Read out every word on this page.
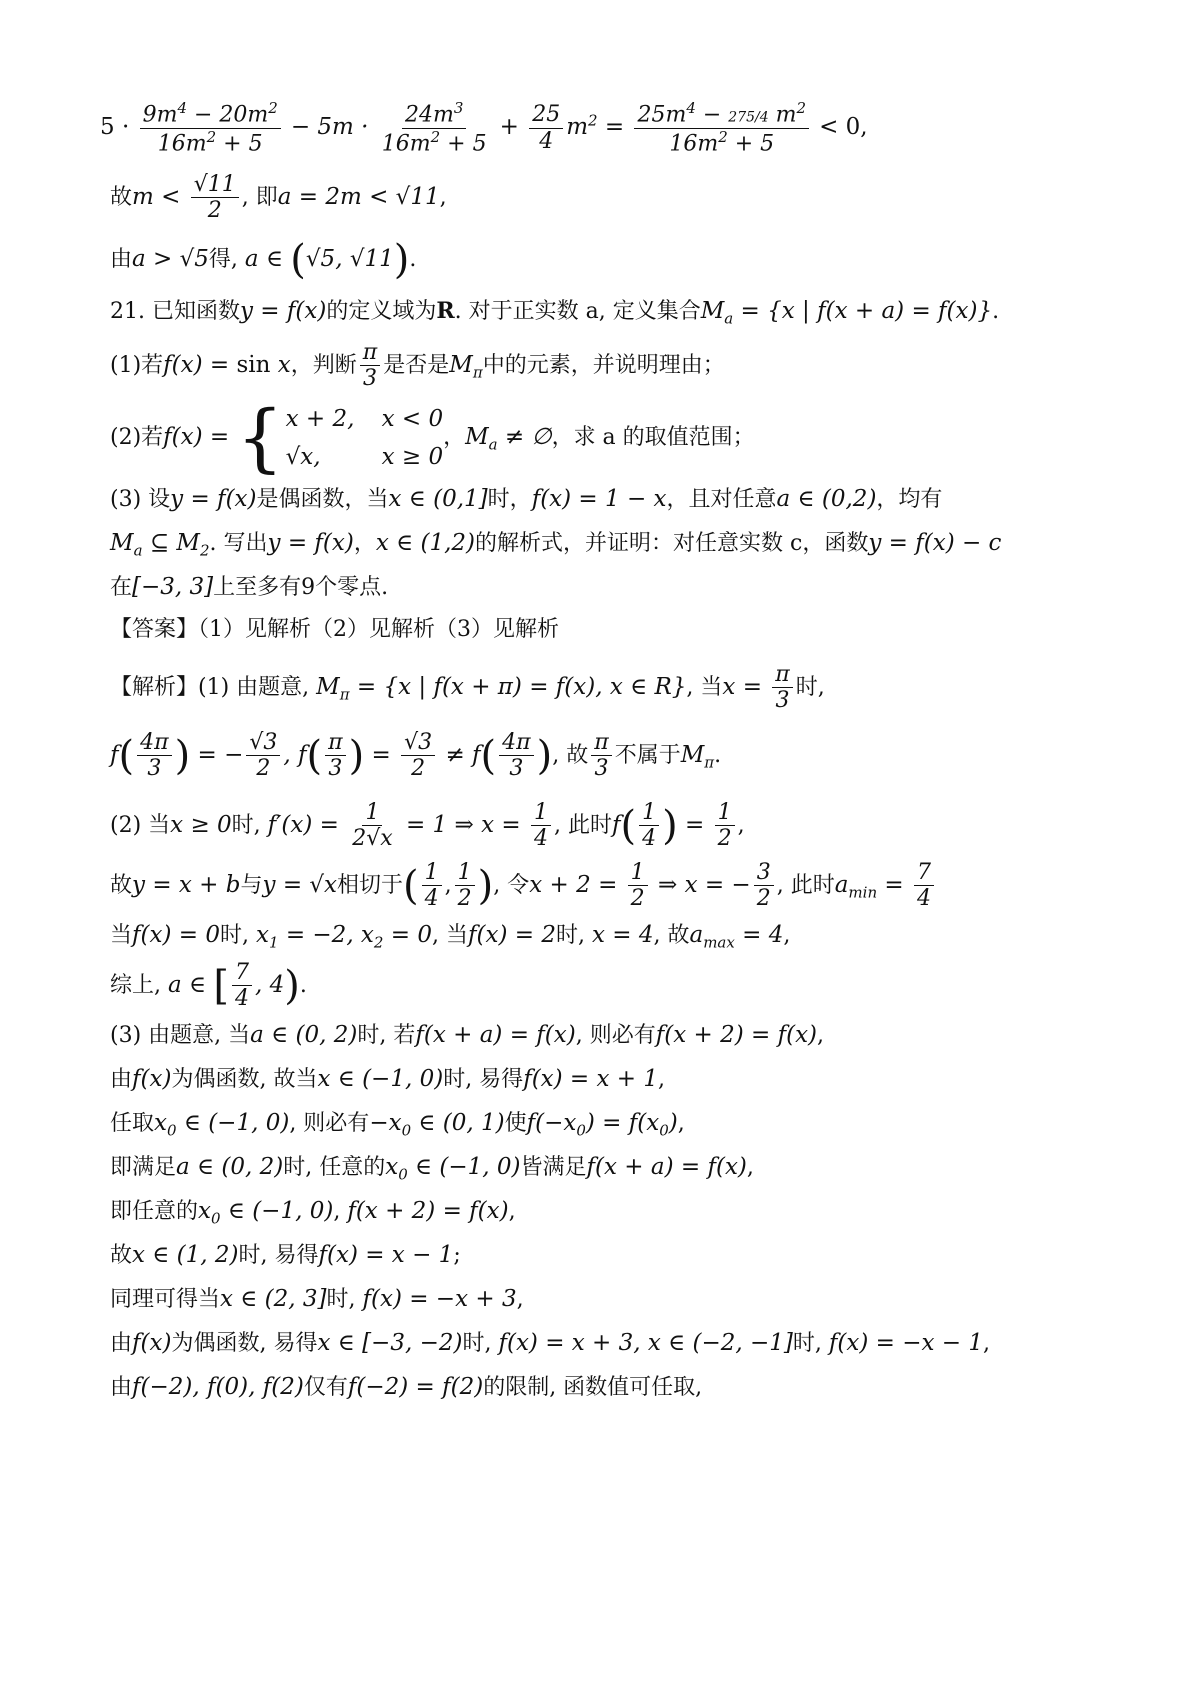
$5 \cdot \frac{9m^4 - 20m^2}{16m^2 + 5} - 5m \cdot \frac{24m^3}{16m^2 + 5} + \frac{25}{4} m^2 = \frac{25m^4 - 275/4 m^2}{16m^2 + 5} < 0$,
故$m < \frac{√11}{2}$ , 即a = 2m < √11,
由a > √5得, a ∈ (√5, √11).
21. 已知函数y = f(x)的定义域为R. 对于正实数 a, 定义集合$M_a = \{x$ | f(x + a) = f(x)}.
(1)若f(x) = sin x，判断 $\frac{\pi}{3}$ 是否是$M_\pi$中的元素，并说明理由；
(2)若f(x) = { x + 2, x < 0
√x,	x ≥ 0
，$M_a$ ≠ ∅，求 a 的取值范围；
(3) 设y = f(x)是偶函数，当x ∈ (0,1]时，f(x) = 1 − x，且对任意a ∈ (0,2)，均有
$M_a$ ⊆ $M_2$. 写出y = f(x)，x ∈ (1,2)的解析式，并证明：对任意实数 c，函数y = f(x) − c
在[−3, 3]上至多有9个零点.
【答案】（1）见解析（2）见解析（3）见解析
【解析】(1) 由题意, $M_\pi = \{x$ | f(x + π) = f(x), x ∈ R}, 当$x = \frac{\pi}{3}$ 时,
$f( \frac{4\pi}{3}$ ) = − $\frac{√3}{2}$ , $f( \frac{\pi}{3}$ ) = $\frac{√3}{2} \ne f( \frac{4\pi}{3}$ ), 故 $\frac{\pi}{3}$ 不属于$M_\pi$.
(2) 当x ≥ 0时, $f'(x) = \frac{1}{2√x} = 1$ ⇒ $x = \frac{1}{4}$ , 此时$f( \frac{1}{4}$ ) = $\frac{1}{2}$ ,
故y = x + b与y = √x相切于( $\frac{1}{4}$ , $\frac{1}{2}$ ), 令$x + 2 = \frac{1}{2}$ ⇒ x = − $\frac{3}{2}$ , 此时$a_{min} = \frac{7}{4}$
当f(x) = 0时, $x_1 = -2$, $x_2 = 0$, 当f(x) = 2时, x = 4, 故$a_{max} = 4$,
综上, a ∈ [ $\frac{7}{4}$ , 4).
(3) 由题意, 当a ∈ (0, 2)时, 若f(x + a) = f(x), 则必有f(x + 2) = f(x),
由f(x)为偶函数, 故当x ∈ (−1, 0)时, 易得f(x) = x + 1,
任取$x_0$ ∈ (−1, 0), 则必有$-x_0$ ∈ (0, 1)使$f(-x_0) = f(x_0)$,
即满足a ∈ (0, 2)时, 任意的$x_0$ ∈ (−1, 0)皆满足f(x + a) = f(x),
即任意的$x_0$ ∈ (−1, 0), f(x + 2) = f(x),
故x ∈ (1, 2)时, 易得f(x) = x − 1;
同理可得当x ∈ (2, 3]时, f(x) = −x + 3,
由f(x)为偶函数, 易得x ∈ [−3, −2)时, f(x) = x + 3, x ∈ (−2, −1]时, f(x) = −x − 1,
由f(−2), f(0), f(2)仅有f(−2) = f(2)的限制, 函数值可任取,
